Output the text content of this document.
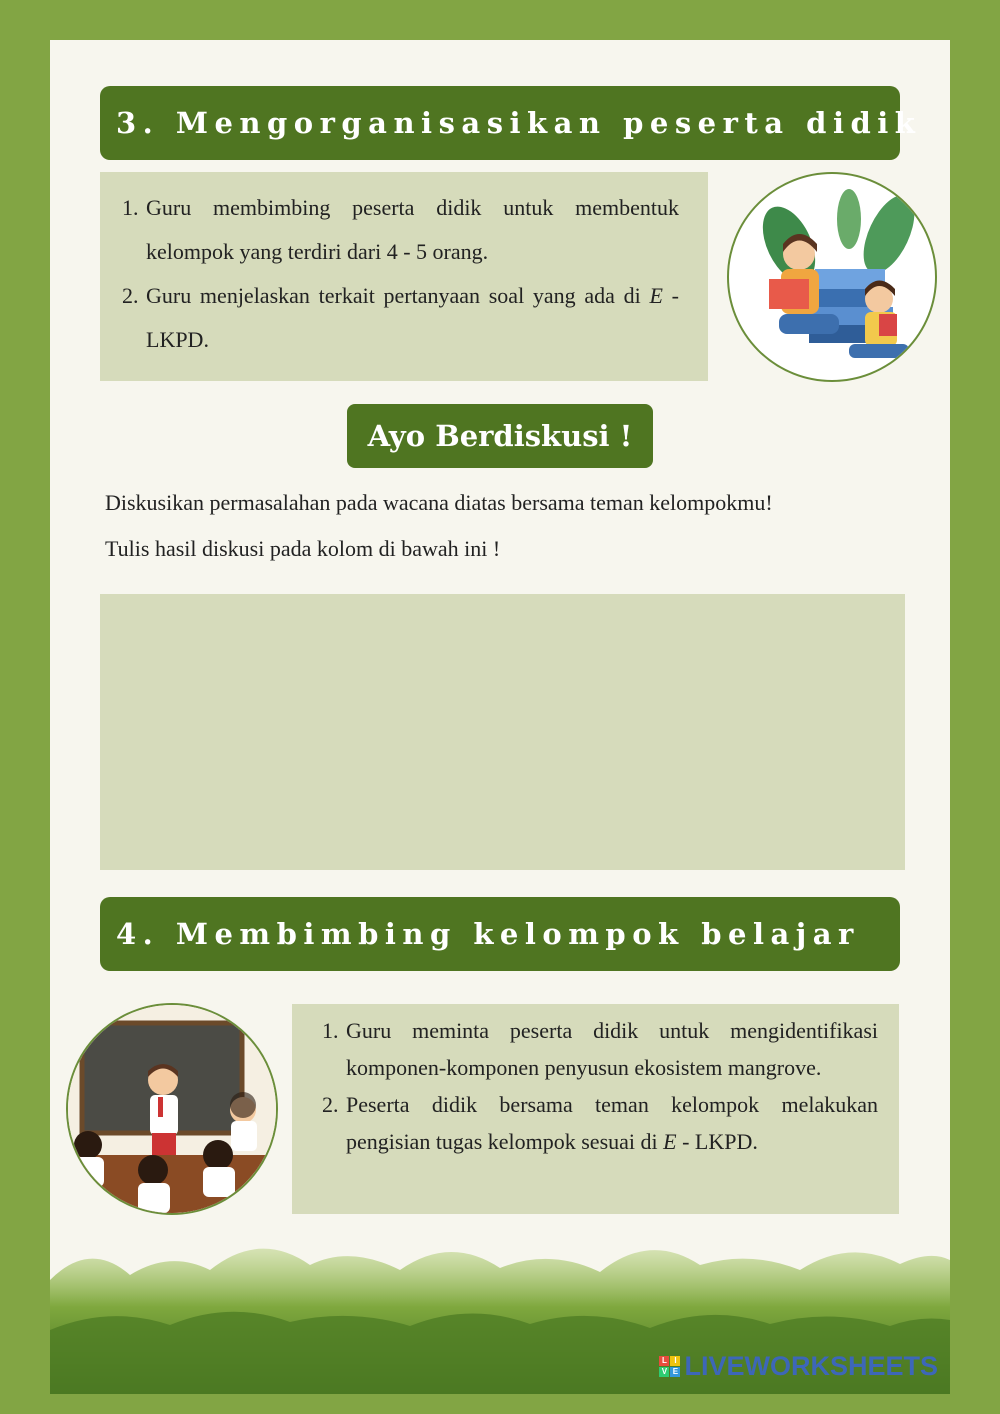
3. Mengorganisasikan peserta didik
1. Guru membimbing peserta didik untuk membentuk kelompok yang terdiri dari 4 - 5 orang.
2. Guru menjelaskan terkait pertanyaan soal yang ada di E - LKPD.
Ayo Berdiskusi !
Diskusikan permasalahan pada wacana diatas bersama teman kelompokmu!
Tulis hasil diskusi pada kolom di bawah ini !
4. Membimbing kelompok belajar
1. Guru meminta peserta didik untuk mengidentifikasi komponen-komponen penyusun ekosistem mangrove.
2. Peserta didik bersama teman kelompok melakukan pengisian tugas kelompok sesuai di E - LKPD.
L I
V E LIVEWORKSHEETS
